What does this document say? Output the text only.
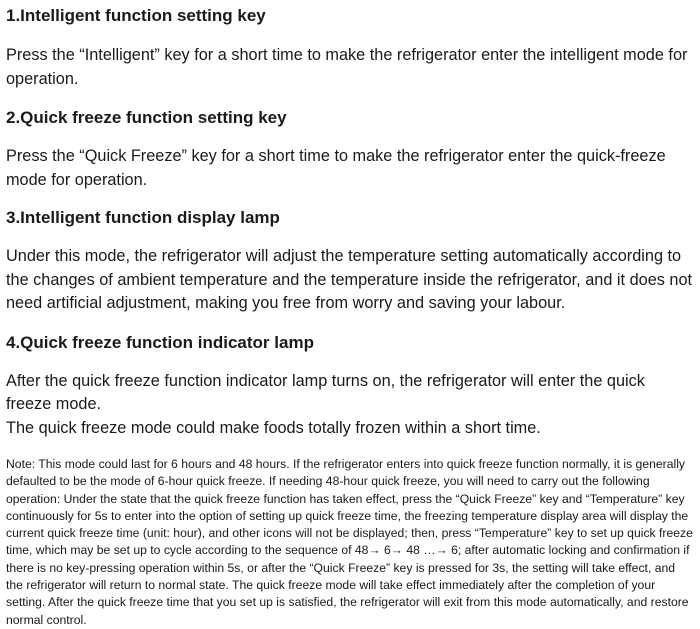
1.Intelligent function setting key

Press the “Intelligent” key for a short time to make the refrigerator enter the intelligent mode for operation.

2.Quick freeze function setting key

Press the “Quick Freeze” key for a short time to make the refrigerator enter the quick-freeze mode for operation.

3.Intelligent function display lamp

Under this mode, the refrigerator will adjust the temperature setting automatically according to the changes of ambient temperature and the temperature inside the refrigerator, and it does not need artificial adjustment, making you free from worry and saving your labour.

4.Quick freeze function indicator lamp

After the quick freeze function indicator lamp turns on, the refrigerator will enter the quick freeze mode.

The quick freeze mode could make foods totally frozen within a short time.

Note: This mode could last for 6 hours and 48 hours. If the refrigerator enters into quick freeze function normally, it is generally defaulted to be the mode of 6-hour quick freeze. If needing 48-hour quick freeze, you will need to carry out the following operation: Under the state that the quick freeze function has taken effect, press the “Quick Freeze” key and “Temperature” key continuously for 5s to enter into the option of setting up quick freeze time, the freezing temperature display area will display the current quick freeze time (unit: hour), and other icons will not be displayed; then, press “Temperature” key to set up quick freeze time, which may be set up to cycle according to the sequence of 48→ 6→ 48 …→ 6; after automatic locking and confirmation if there is no key-pressing operation within 5s, or after the “Quick Freeze” key is pressed for 3s, the setting will take effect, and the refrigerator will return to normal state. The quick freeze mode will take effect immediately after the completion of your setting. After the quick freeze time that you set up is satisfied, the refrigerator will exit from this mode automatically, and restore normal control.
